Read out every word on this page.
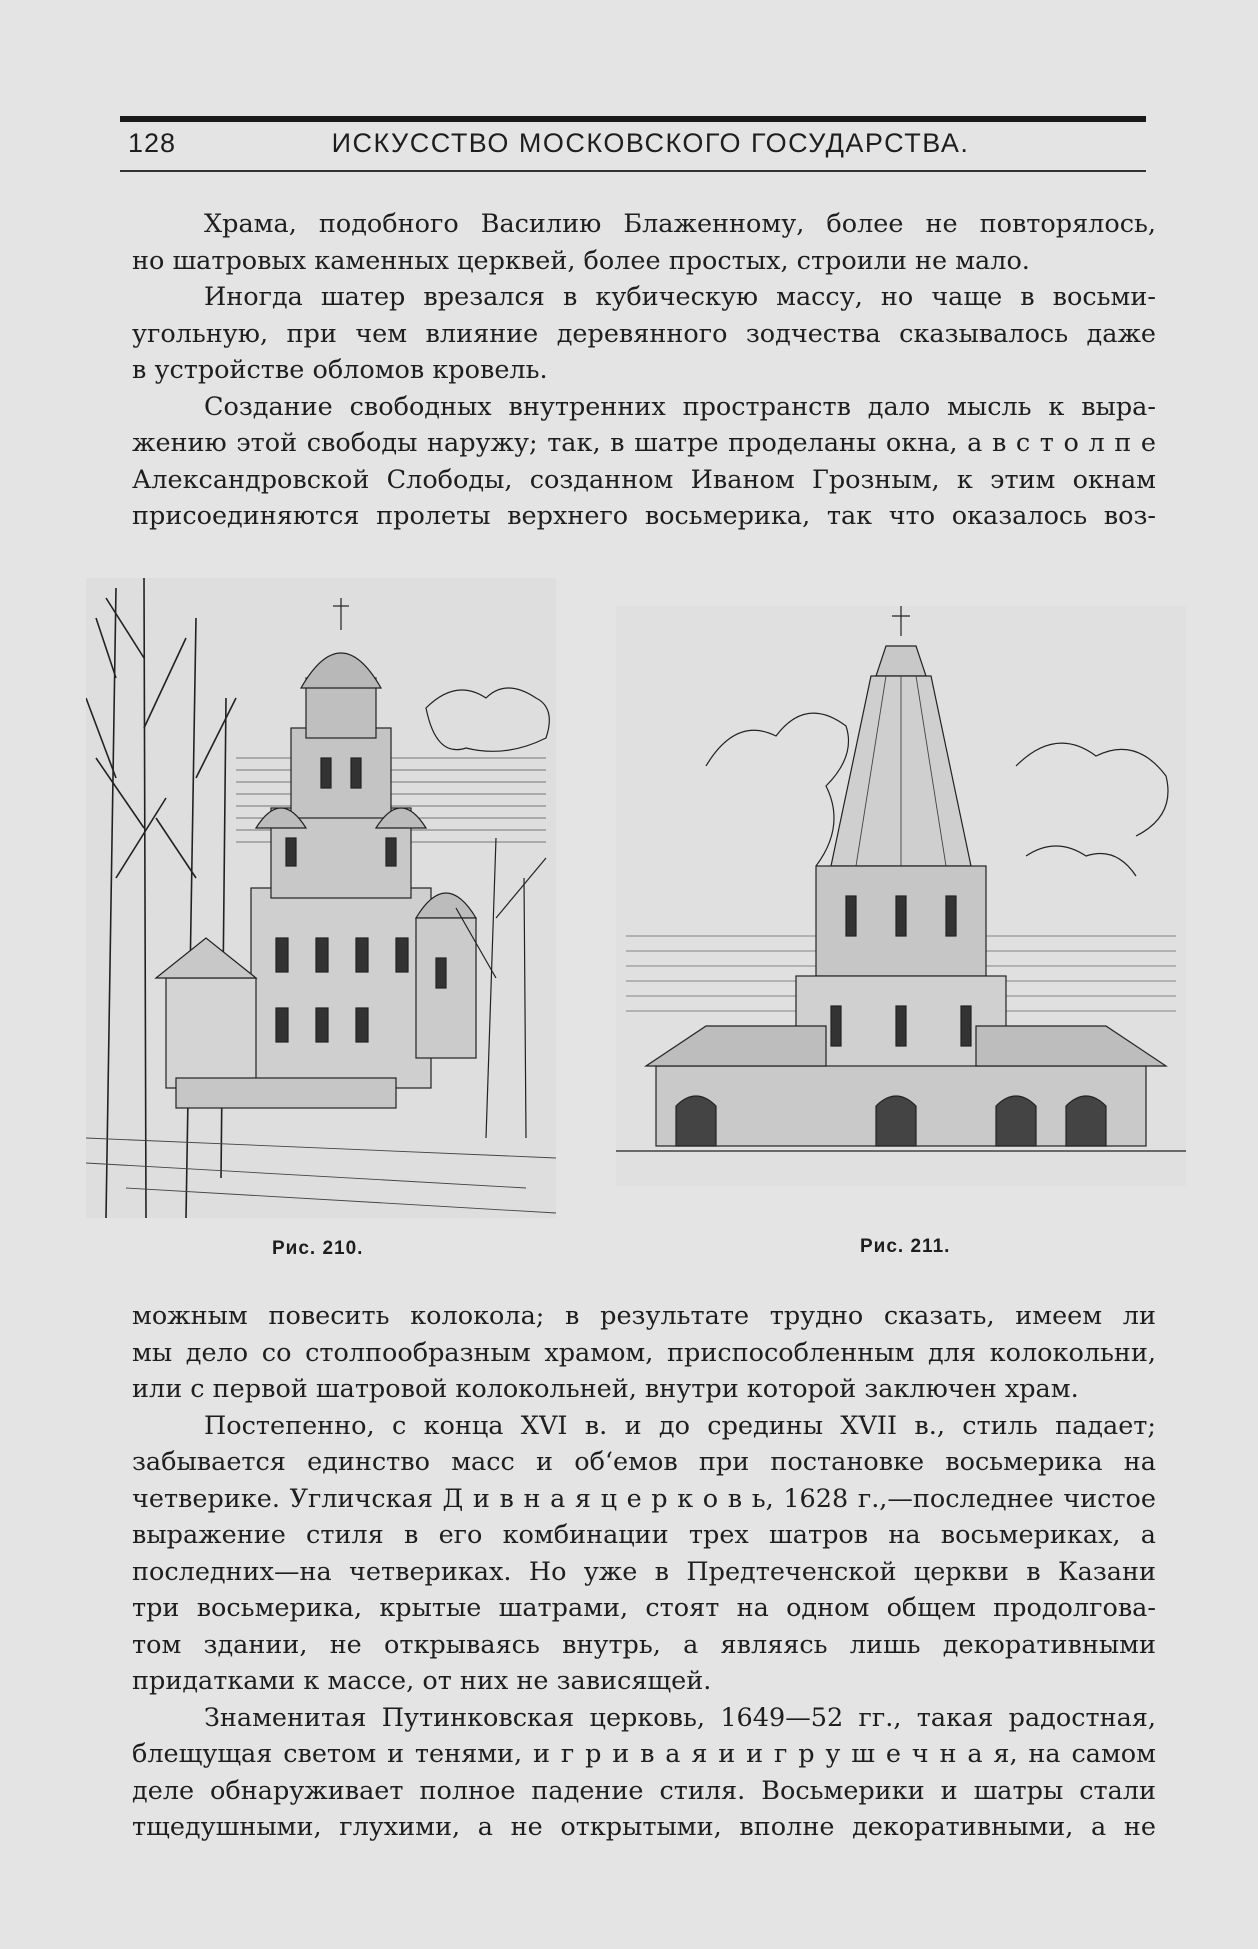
128	ИСКУССТВО МОСКОВСКОГО ГОСУДАРСТВА.
Храма, подобного Василию Блаженному, более не повторялось,
но шатровых каменных церквей, более простых, строили не мало.
Иногда шатер врезался в кубическую массу, но чаще в восьми-
угольную, при чем влияние деревянного зодчества сказывалось даже
в устройстве обломов кровель.
Создание свободных внутренних пространств дало мысль к выра-
жению этой свободы наружу; так, в шатре проделаны окна, а в с т о л п е
Александровской Слободы, созданном Иваном Грозным, к этим окнам
присоединяются пролеты верхнего восьмерика, так что оказалось воз-
Рис. 210.	Рис. 211.
можным повесить колокола; в результате трудно сказать, имеем ли
мы дело со столпообразным храмом, приспособленным для колокольни,
или с первой шатровой колокольней, внутри которой заключен храм.
Постепенно, с конца XVI в. и до средины XVII в., стиль падает;
забывается единство масс и об‘емов при постановке восьмерика на
четверике. Угличская Д и в н а я ц е р к о в ь, 1628 г.,—последнее чистое
выражение стиля в его комбинации трех шатров на восьмериках, а
последних—на четвериках. Но уже в Предтеченской церкви в Казани
три восьмерика, крытые шатрами, стоят на одном общем продолгова-
том здании, не открываясь внутрь, а являясь лишь декоративными
придатками к массе, от них не зависящей.
Знаменитая Путинковская церковь, 1649—52 гг., такая радостная,
блещущая светом и тенями, и г р и в а я и и г р у ш е ч н а я, на самом
деле обнаруживает полное падение стиля. Восьмерики и шатры стали
тщедушными, глухими, а не открытыми, вполне декоративными, а не
